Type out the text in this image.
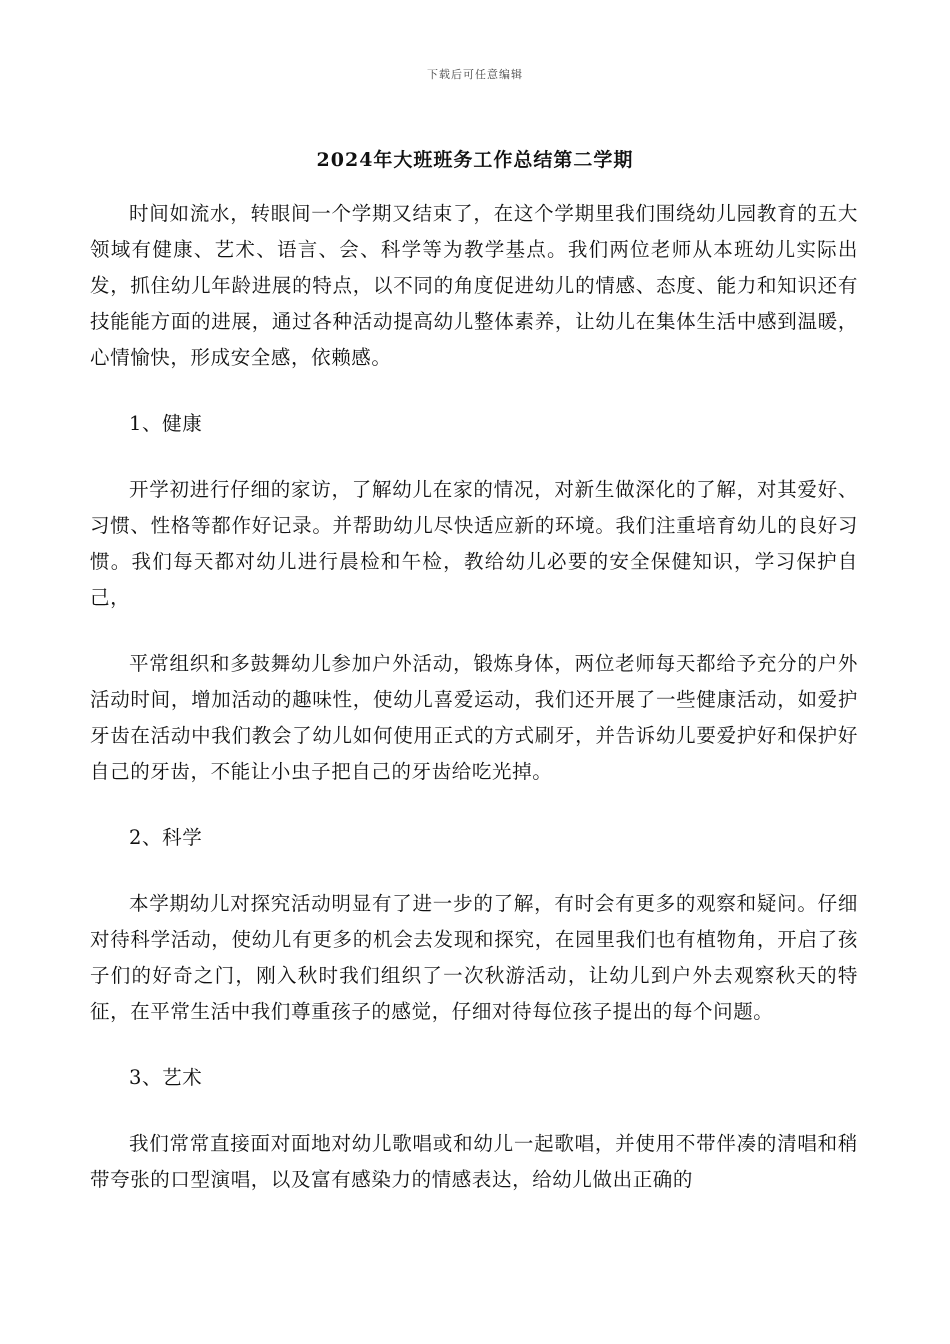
下载后可任意编辑
2024年大班班务工作总结第二学期

时间如流水，转眼间一个学期又结束了，在这个学期里我们围绕幼儿园教育的五大领域有健康、艺术、语言、会、科学等为教学基点。我们两位老师从本班幼儿实际出发，抓住幼儿年龄进展的特点，以不同的角度促进幼儿的情感、态度、能力和知识还有技能能方面的进展，通过各种活动提高幼儿整体素养，让幼儿在集体生活中感到温暖，心情愉快，形成安全感，依赖感。

1、健康

开学初进行仔细的家访，了解幼儿在家的情况，对新生做深化的了解，对其爱好、习惯、性格等都作好记录。并帮助幼儿尽快适应新的环境。我们注重培育幼儿的良好习惯。我们每天都对幼儿进行晨检和午检，教给幼儿必要的安全保健知识，学习保护自己，

平常组织和多鼓舞幼儿参加户外活动，锻炼身体，两位老师每天都给予充分的户外活动时间，增加活动的趣味性，使幼儿喜爱运动，我们还开展了一些健康活动，如爱护牙齿在活动中我们教会了幼儿如何使用正式的方式刷牙，并告诉幼儿要爱护好和保护好自己的牙齿，不能让小虫子把自己的牙齿给吃光掉。

2、科学

本学期幼儿对探究活动明显有了进一步的了解，有时会有更多的观察和疑问。仔细对待科学活动，使幼儿有更多的机会去发现和探究，在园里我们也有植物角，开启了孩子们的好奇之门，刚入秋时我们组织了一次秋游活动，让幼儿到户外去观察秋天的特征，在平常生活中我们尊重孩子的感觉，仔细对待每位孩子提出的每个问题。

3、艺术

我们常常直接面对面地对幼儿歌唱或和幼儿一起歌唱，并使用不带伴凑的清唱和稍带夸张的口型演唱，以及富有感染力的情感表达，给幼儿做出正确的
